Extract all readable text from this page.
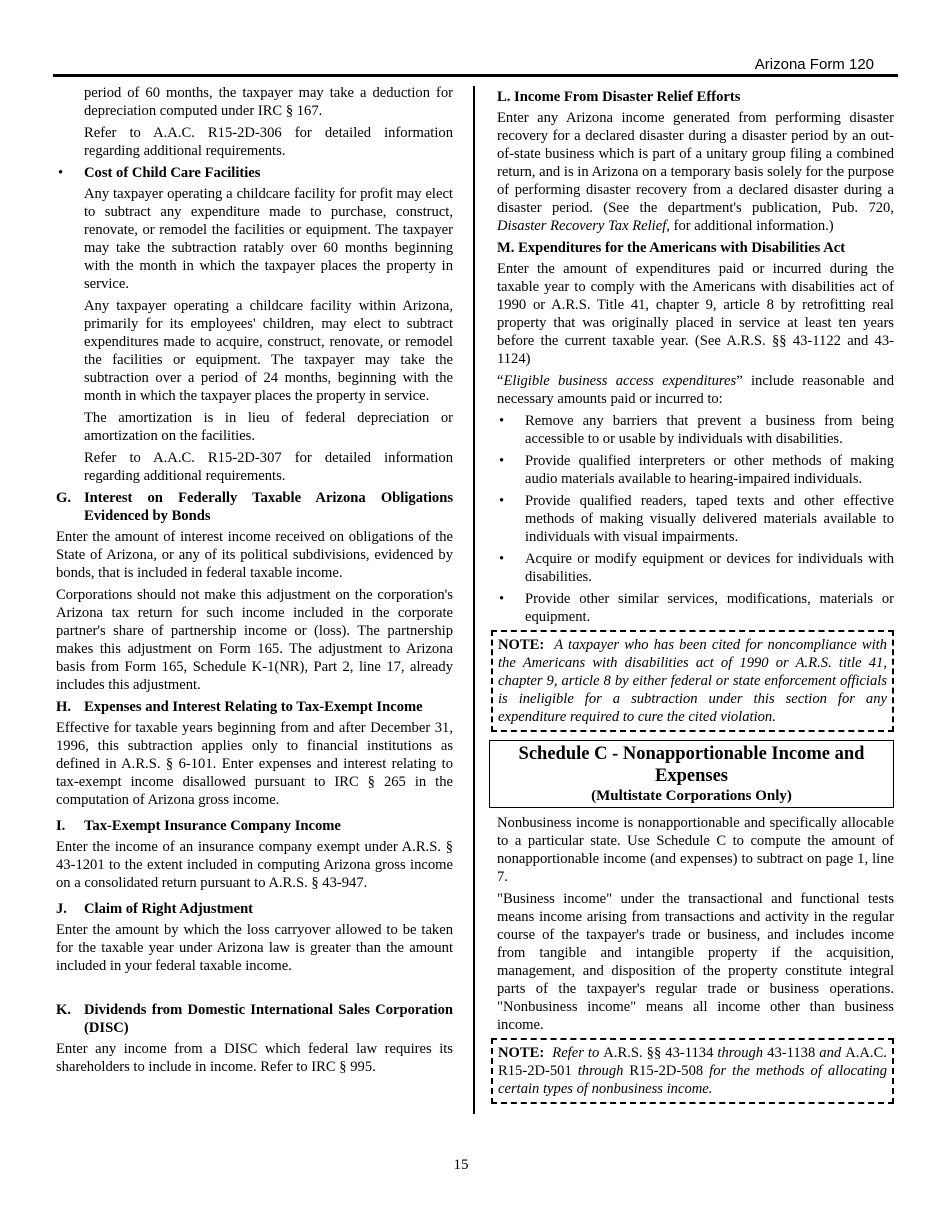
Arizona Form 120

period of 60 months, the taxpayer may take a deduction for depreciation computed under IRC § 167.

Refer to A.A.C. R15-2D-306 for detailed information regarding additional requirements.

• Cost of Child Care Facilities

Any taxpayer operating a childcare facility for profit may elect to subtract any expenditure made to purchase, construct, renovate, or remodel the facilities or equipment. The taxpayer may take the subtraction ratably over 60 months beginning with the month in which the taxpayer places the property in service.

Any taxpayer operating a childcare facility within Arizona, primarily for its employees' children, may elect to subtract expenditures made to acquire, construct, renovate, or remodel the facilities or equipment. The taxpayer may take the subtraction over a period of 24 months, beginning with the month in which the taxpayer places the property in service.

The amortization is in lieu of federal depreciation or amortization on the facilities.

Refer to A.A.C. R15-2D-307 for detailed information regarding additional requirements.

G. Interest on Federally Taxable Arizona Obligations Evidenced by Bonds

Enter the amount of interest income received on obligations of the State of Arizona, or any of its political subdivisions, evidenced by bonds, that is included in federal taxable income.

Corporations should not make this adjustment on the corporation's Arizona tax return for such income included in the corporate partner's share of partnership income or (loss). The partnership makes this adjustment on Form 165. The adjustment to Arizona basis from Form 165, Schedule K-1(NR), Part 2, line 17, already includes this adjustment.

H. Expenses and Interest Relating to Tax-Exempt Income

Effective for taxable years beginning from and after December 31, 1996, this subtraction applies only to financial institutions as defined in A.R.S. § 6-101. Enter expenses and interest relating to tax-exempt income disallowed pursuant to IRC § 265 in the computation of Arizona gross income.

I. Tax-Exempt Insurance Company Income

Enter the income of an insurance company exempt under A.R.S. § 43-1201 to the extent included in computing Arizona gross income on a consolidated return pursuant to A.R.S. § 43-947.

J. Claim of Right Adjustment

Enter the amount by which the loss carryover allowed to be taken for the taxable year under Arizona law is greater than the amount included in your federal taxable income.

K. Dividends from Domestic International Sales Corporation (DISC)

Enter any income from a DISC which federal law requires its shareholders to include in income. Refer to IRC § 995.

L. Income From Disaster Relief Efforts

Enter any Arizona income generated from performing disaster recovery for a declared disaster during a disaster period by an out-of-state business which is part of a unitary group filing a combined return, and is in Arizona on a temporary basis solely for the purpose of performing disaster recovery from a declared disaster during a disaster period. (See the department's publication, Pub. 720, Disaster Recovery Tax Relief, for additional information.)

M. Expenditures for the Americans with Disabilities Act

Enter the amount of expenditures paid or incurred during the taxable year to comply with the Americans with disabilities act of 1990 or A.R.S. Title 41, chapter 9, article 8 by retrofitting real property that was originally placed in service at least ten years before the current taxable year. (See A.R.S. §§ 43-1122 and 43-1124)

“Eligible business access expenditures” include reasonable and necessary amounts paid or incurred to:

• Remove any barriers that prevent a business from being accessible to or usable by individuals with disabilities.
• Provide qualified interpreters or other methods of making audio materials available to hearing-impaired individuals.
• Provide qualified readers, taped texts and other effective methods of making visually delivered materials available to individuals with visual impairments.
• Acquire or modify equipment or devices for individuals with disabilities.
• Provide other similar services, modifications, materials or equipment.
NOTE: A taxpayer who has been cited for noncompliance with the Americans with disabilities act of 1990 or A.R.S. title 41, chapter 9, article 8 by either federal or state enforcement officials is ineligible for a subtraction under this section for any expenditure required to cure the cited violation.
Schedule C - Nonapportionable Income and Expenses
(Multistate Corporations Only)

Nonbusiness income is nonapportionable and specifically allocable to a particular state. Use Schedule C to compute the amount of nonapportionable income (and expenses) to subtract on page 1, line 7.

"Business income" under the transactional and functional tests means income arising from transactions and activity in the regular course of the taxpayer's trade or business, and includes income from tangible and intangible property if the acquisition, management, and disposition of the property constitute integral parts of the taxpayer's regular trade or business operations. "Nonbusiness income" means all income other than business income.

NOTE: Refer to A.R.S. §§ 43-1134 through 43-1138 and A.A.C. R15-2D-501 through R15-2D-508 for the methods of allocating certain types of nonbusiness income.
15
